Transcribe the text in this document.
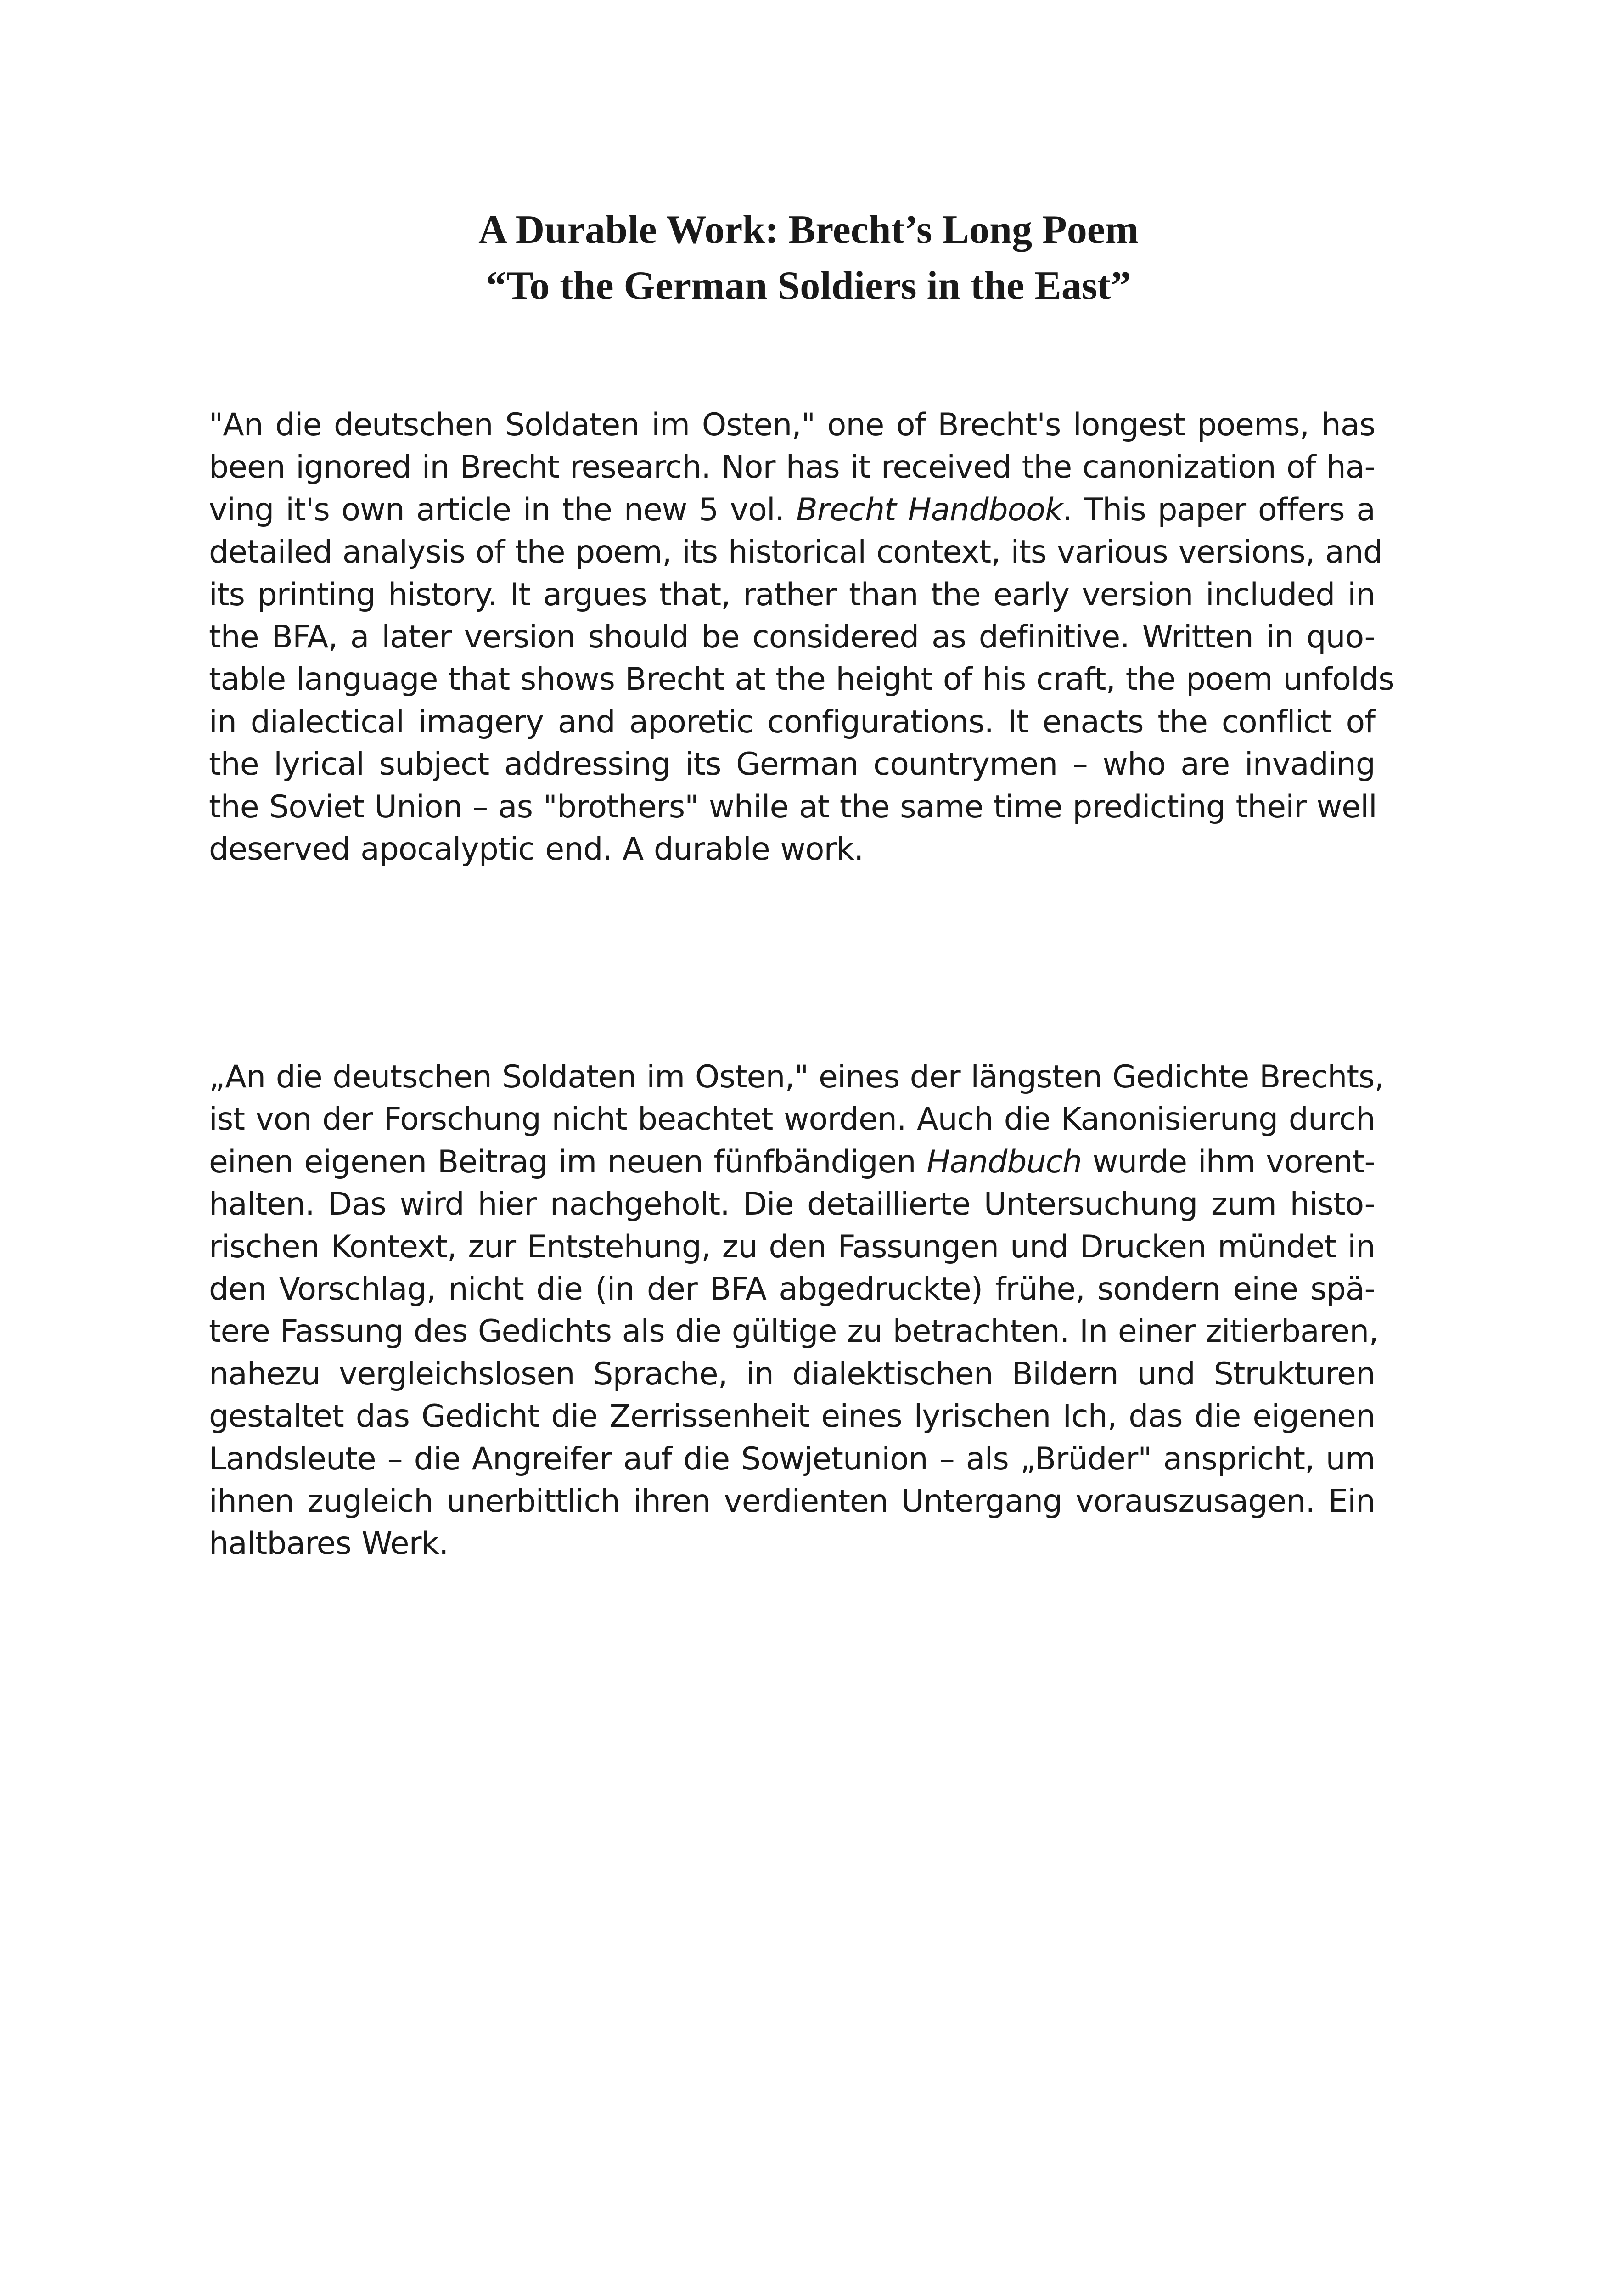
A Durable Work: Brecht’s Long Poem
“To the German Soldiers in the East”
"An die deutschen Soldaten im Osten," one of Brecht's longest poems, has
been ignored in Brecht research. Nor has it received the canonization of ha-
ving it's own article in the new 5 vol. Brecht Handbook. This paper offers a
detailed analysis of the poem, its historical context, its various versions, and
its printing history. It argues that, rather than the early version included in
the BFA, a later version should be considered as definitive. Written in quo-
table language that shows Brecht at the height of his craft, the poem unfolds
in dialectical imagery and aporetic configurations. It enacts the conflict of
the lyrical subject addressing its German countrymen – who are invading
the Soviet Union – as "brothers" while at the same time predicting their well
deserved apocalyptic end. A durable work.
„An die deutschen Soldaten im Osten," eines der längsten Gedichte Brechts,
ist von der Forschung nicht beachtet worden. Auch die Kanonisierung durch
einen eigenen Beitrag im neuen fünfbändigen Handbuch wurde ihm vorent-
halten. Das wird hier nachgeholt. Die detaillierte Untersuchung zum histo-
rischen Kontext, zur Entstehung, zu den Fassungen und Drucken mündet in
den Vorschlag, nicht die (in der BFA abgedruckte) frühe, sondern eine spä-
tere Fassung des Gedichts als die gültige zu betrachten. In einer zitierbaren,
nahezu vergleichslosen Sprache, in dialektischen Bildern und Strukturen
gestaltet das Gedicht die Zerrissenheit eines lyrischen Ich, das die eigenen
Landsleute – die Angreifer auf die Sowjetunion – als „Brüder" anspricht, um
ihnen zugleich unerbittlich ihren verdienten Untergang vorauszusagen. Ein
haltbares Werk.
